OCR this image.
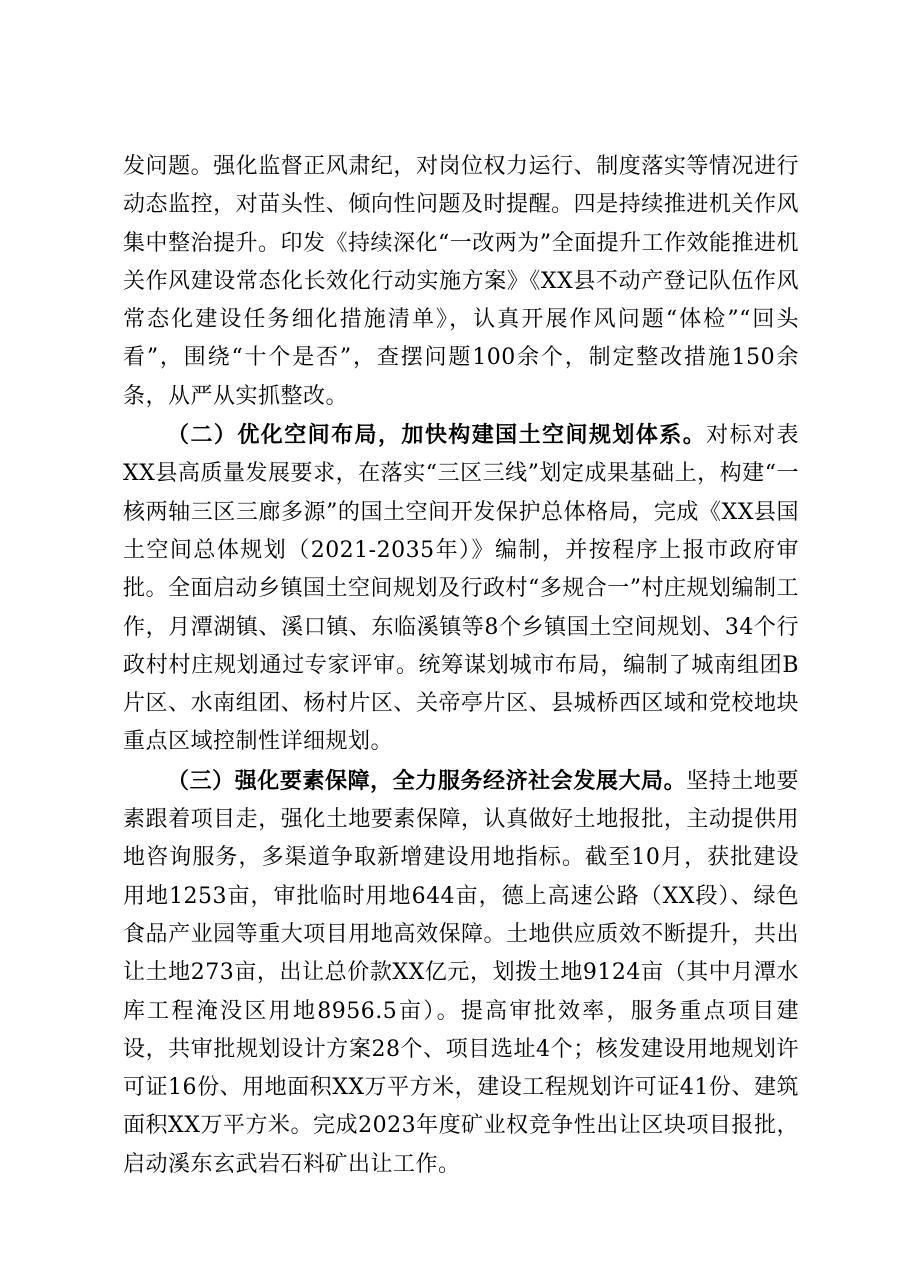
发问题。强化监督正风肃纪，对岗位权力运行、制度落实等情况进行动态监控，对苗头性、倾向性问题及时提醒。四是持续推进机关作风集中整治提升。印发《持续深化“一改两为”全面提升工作效能推进机关作风建设常态化长效化行动实施方案》《XX县不动产登记队伍作风常态化建设任务细化措施清单》，认真开展作风问题“体检”“回头看”，围绕“十个是否”，查摆问题100余个，制定整改措施150余条，从严从实抓整改。

（二）优化空间布局，加快构建国土空间规划体系。对标对表XX县高质量发展要求，在落实“三区三线”划定成果基础上，构建“一核两轴三区三廊多源”的国土空间开发保护总体格局，完成《XX县国土空间总体规划（2021-2035年）》编制，并按程序上报市政府审批。全面启动乡镇国土空间规划及行政村“多规合一”村庄规划编制工作，月潭湖镇、溪口镇、东临溪镇等8个乡镇国土空间规划、34个行政村村庄规划通过专家评审。统筹谋划城市布局，编制了城南组团B片区、水南组团、杨村片区、关帝亭片区、县城桥西区域和党校地块重点区域控制性详细规划。

（三）强化要素保障，全力服务经济社会发展大局。坚持土地要素跟着项目走，强化土地要素保障，认真做好土地报批，主动提供用地咨询服务，多渠道争取新增建设用地指标。截至10月，获批建设用地1253亩，审批临时用地644亩，德上高速公路（XX段）、绿色食品产业园等重大项目用地高效保障。土地供应质效不断提升，共出让土地273亩，出让总价款XX亿元，划拨土地9124亩（其中月潭水库工程淹没区用地8956.5亩）。提高审批效率，服务重点项目建设，共审批规划设计方案28个、项目选址4个；核发建设用地规划许可证16份、用地面积XX万平方米，建设工程规划许可证41份、建筑面积XX万平方米。完成2023年度矿业权竞争性出让区块项目报批，启动溪东玄武岩石料矿出让工作。
